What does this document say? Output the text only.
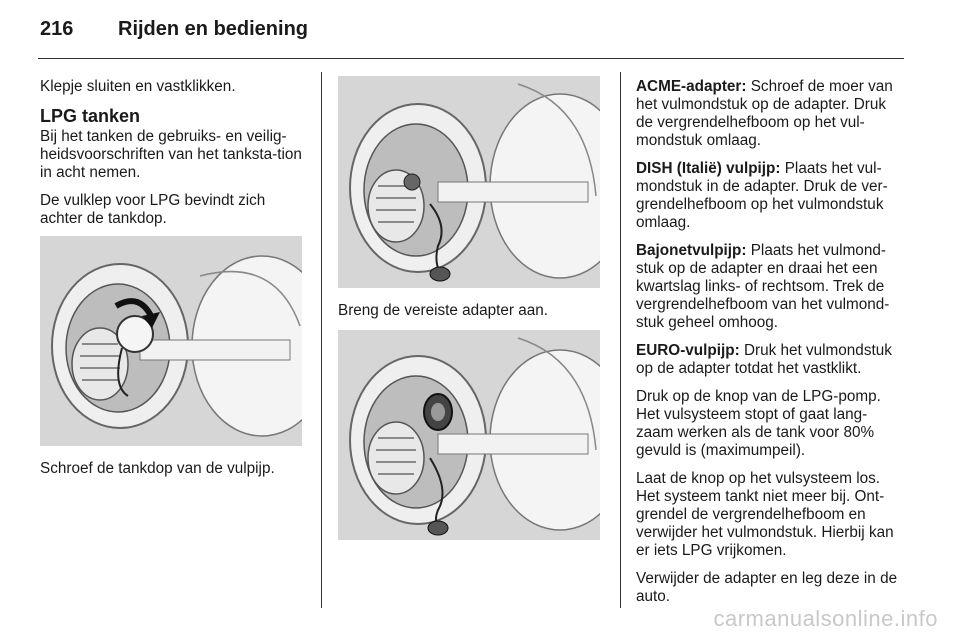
216 Rijden en bediening

Klepje sluiten en vastklikken.

LPG tanken

Bij het tanken de gebruiks- en veilig-heidsvoorschriften van het tanksta-tion in acht nemen.

De vulklep voor LPG bevindt zich achter de tankdop.

Schroef de tankdop van de vulpijp.

Breng de vereiste adapter aan.

ACME-adapter: Schroef de moer van het vulmondstuk op de adapter. Druk de vergrendelhefboom op het vul-mondstuk omlaag.

DISH (Italië) vulpijp: Plaats het vul-mondstuk in de adapter. Druk de ver-grendelhefboom op het vulmondstuk omlaag.

Bajonetvulpijp: Plaats het vulmond-stuk op de adapter en draai het een kwartslag links- of rechtsom. Trek de vergrendelhefboom van het vulmond-stuk geheel omhoog.

EURO-vulpijp: Druk het vulmondstuk op de adapter totdat het vastklikt.

Druk op de knop van de LPG-pomp. Het vulsysteem stopt of gaat lang-zaam werken als de tank voor 80% gevuld is (maximumpeil).

Laat de knop op het vulsysteem los. Het systeem tankt niet meer bij. Ont-grendel de vergrendelhefboom en verwijder het vulmondstuk. Hierbij kan er iets LPG vrijkomen.

Verwijder de adapter en leg deze in de auto.

carmanualsonline.info
